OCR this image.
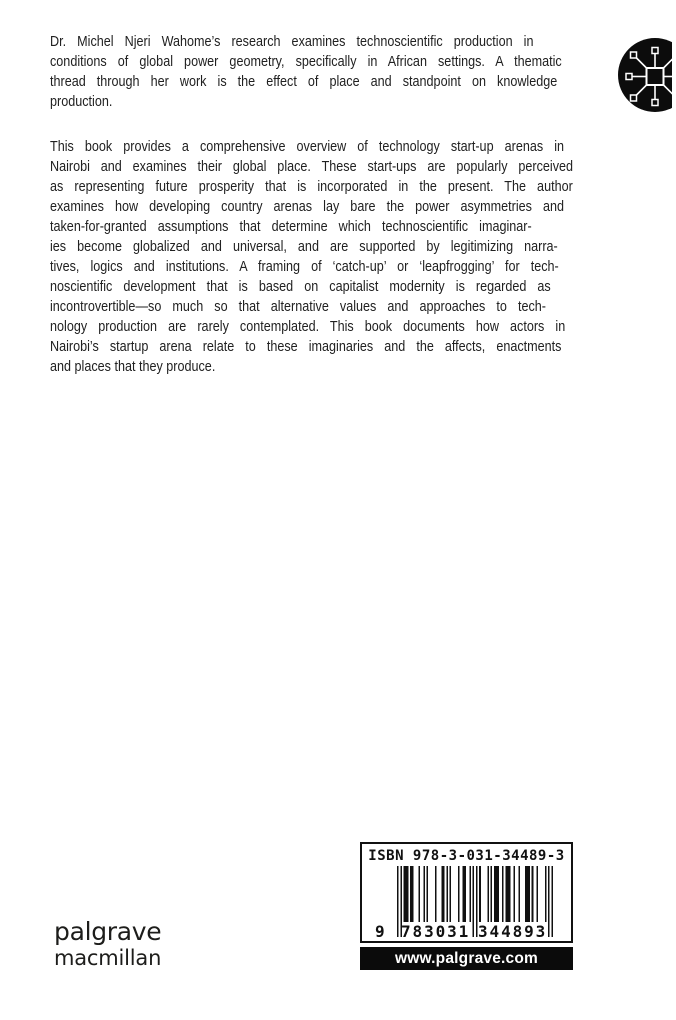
Dr. Michel Njeri Wahome’s research examines technoscientific production in
conditions of global power geometry, specifically in African settings. A thematic
thread through her work is the effect of place and standpoint on knowledge
production.
This book provides a comprehensive overview of technology start-up arenas in
Nairobi and examines their global place. These start-ups are popularly perceived
as representing future prosperity that is incorporated in the present. The author
examines how developing country arenas lay bare the power asymmetries and
taken-for-granted assumptions that determine which technoscientific imaginar-
ies become globalized and universal, and are supported by legitimizing narra-
tives, logics and institutions. A framing of ‘catch-up’ or ‘leapfrogging’ for tech-
noscientific development that is based on capitalist modernity is regarded as
incontrovertible—so much so that alternative values and approaches to tech-
nology production are rarely contemplated. This book documents how actors in
Nairobi’s startup arena relate to these imaginaries and the affects, enactments
and places that they produce.
palgrave
macmillan
ISBN 978-3-031-34489-3
9 783031 344893
www.palgrave.com
